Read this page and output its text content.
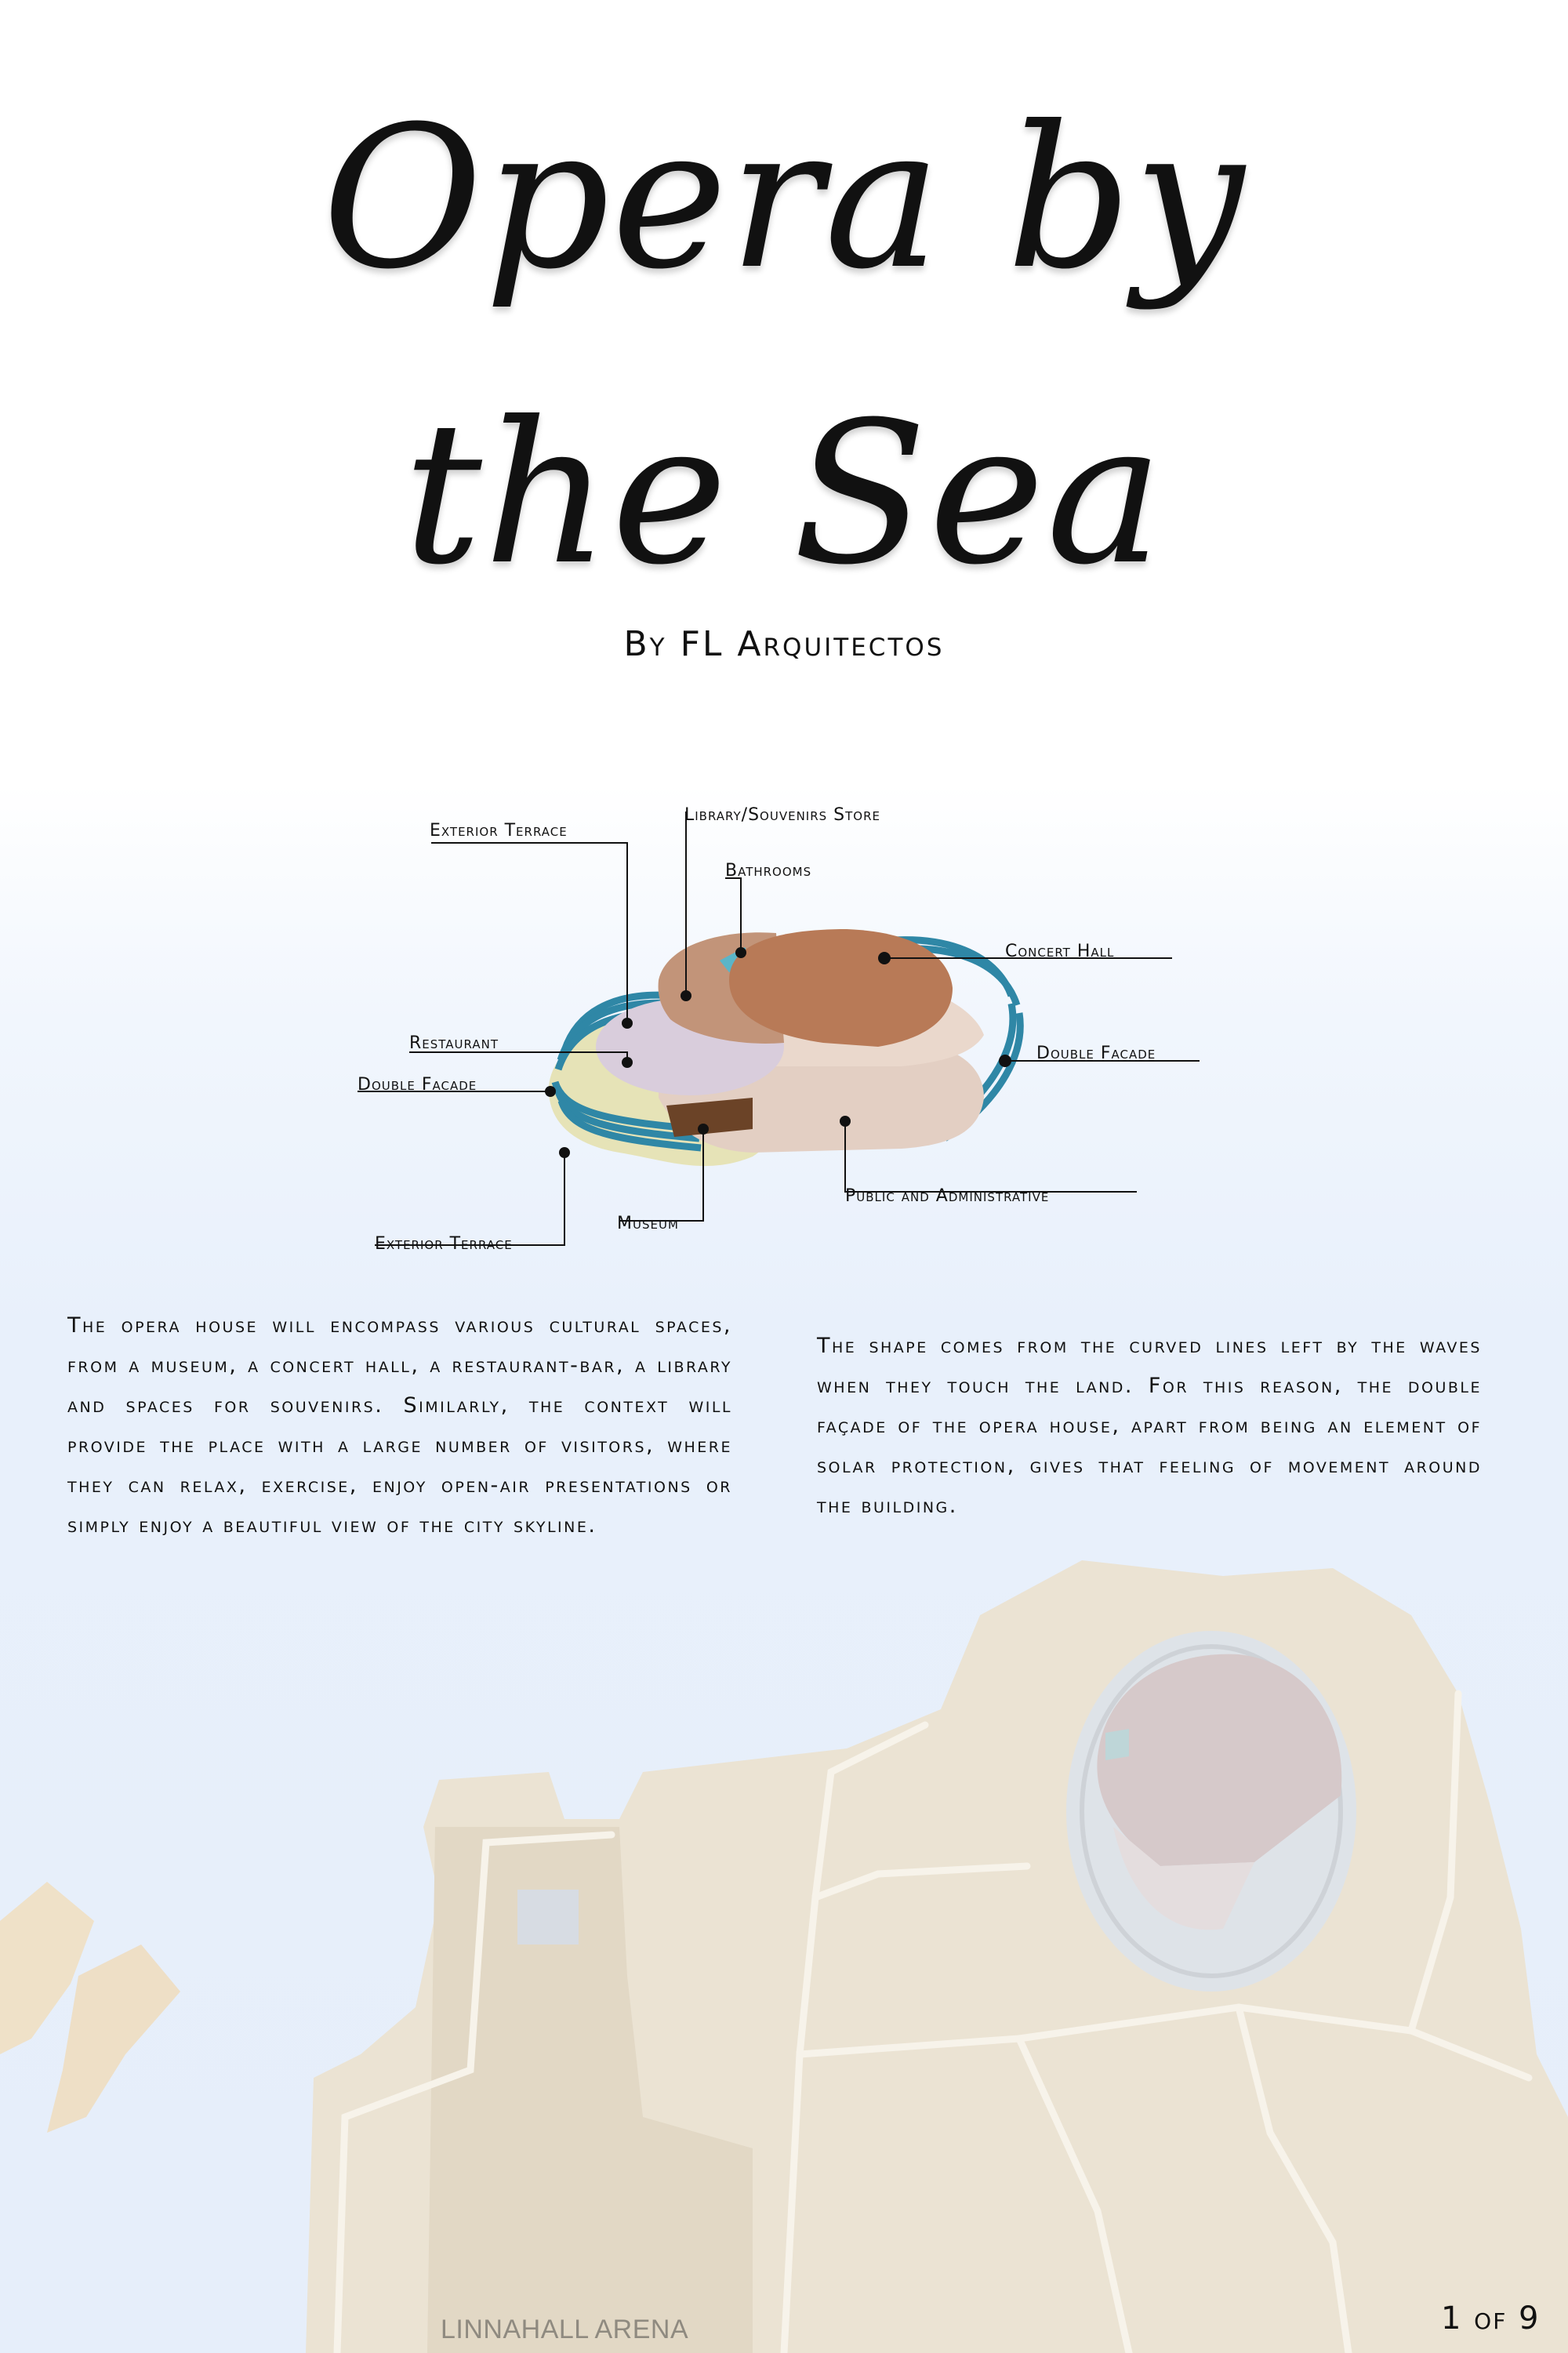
Opera by
the Sea
By FL Arquitectos
Exterior Terrace
Library/Souvenirs Store
Bathrooms
Concert Hall
Restaurant
Double Facade
Double Facade
Public and Administrative
Museum
Exterior Terrace
The opera house will encompass various cultural spaces, from a museum, a concert hall, a restaurant-bar, a library and spaces for souvenirs. Similarly, the context will provide the place with a large number of visitors, where they can relax, exercise, enjoy open-air presentations or simply enjoy a beautiful view of the city skyline.
The shape comes from the curved lines left by the waves when they touch the land. For this reason, the double façade of the opera house, apart from being an element of solar protection, gives that feeling of movement around the building.
LINNAHALL ARENA	1 of 9
